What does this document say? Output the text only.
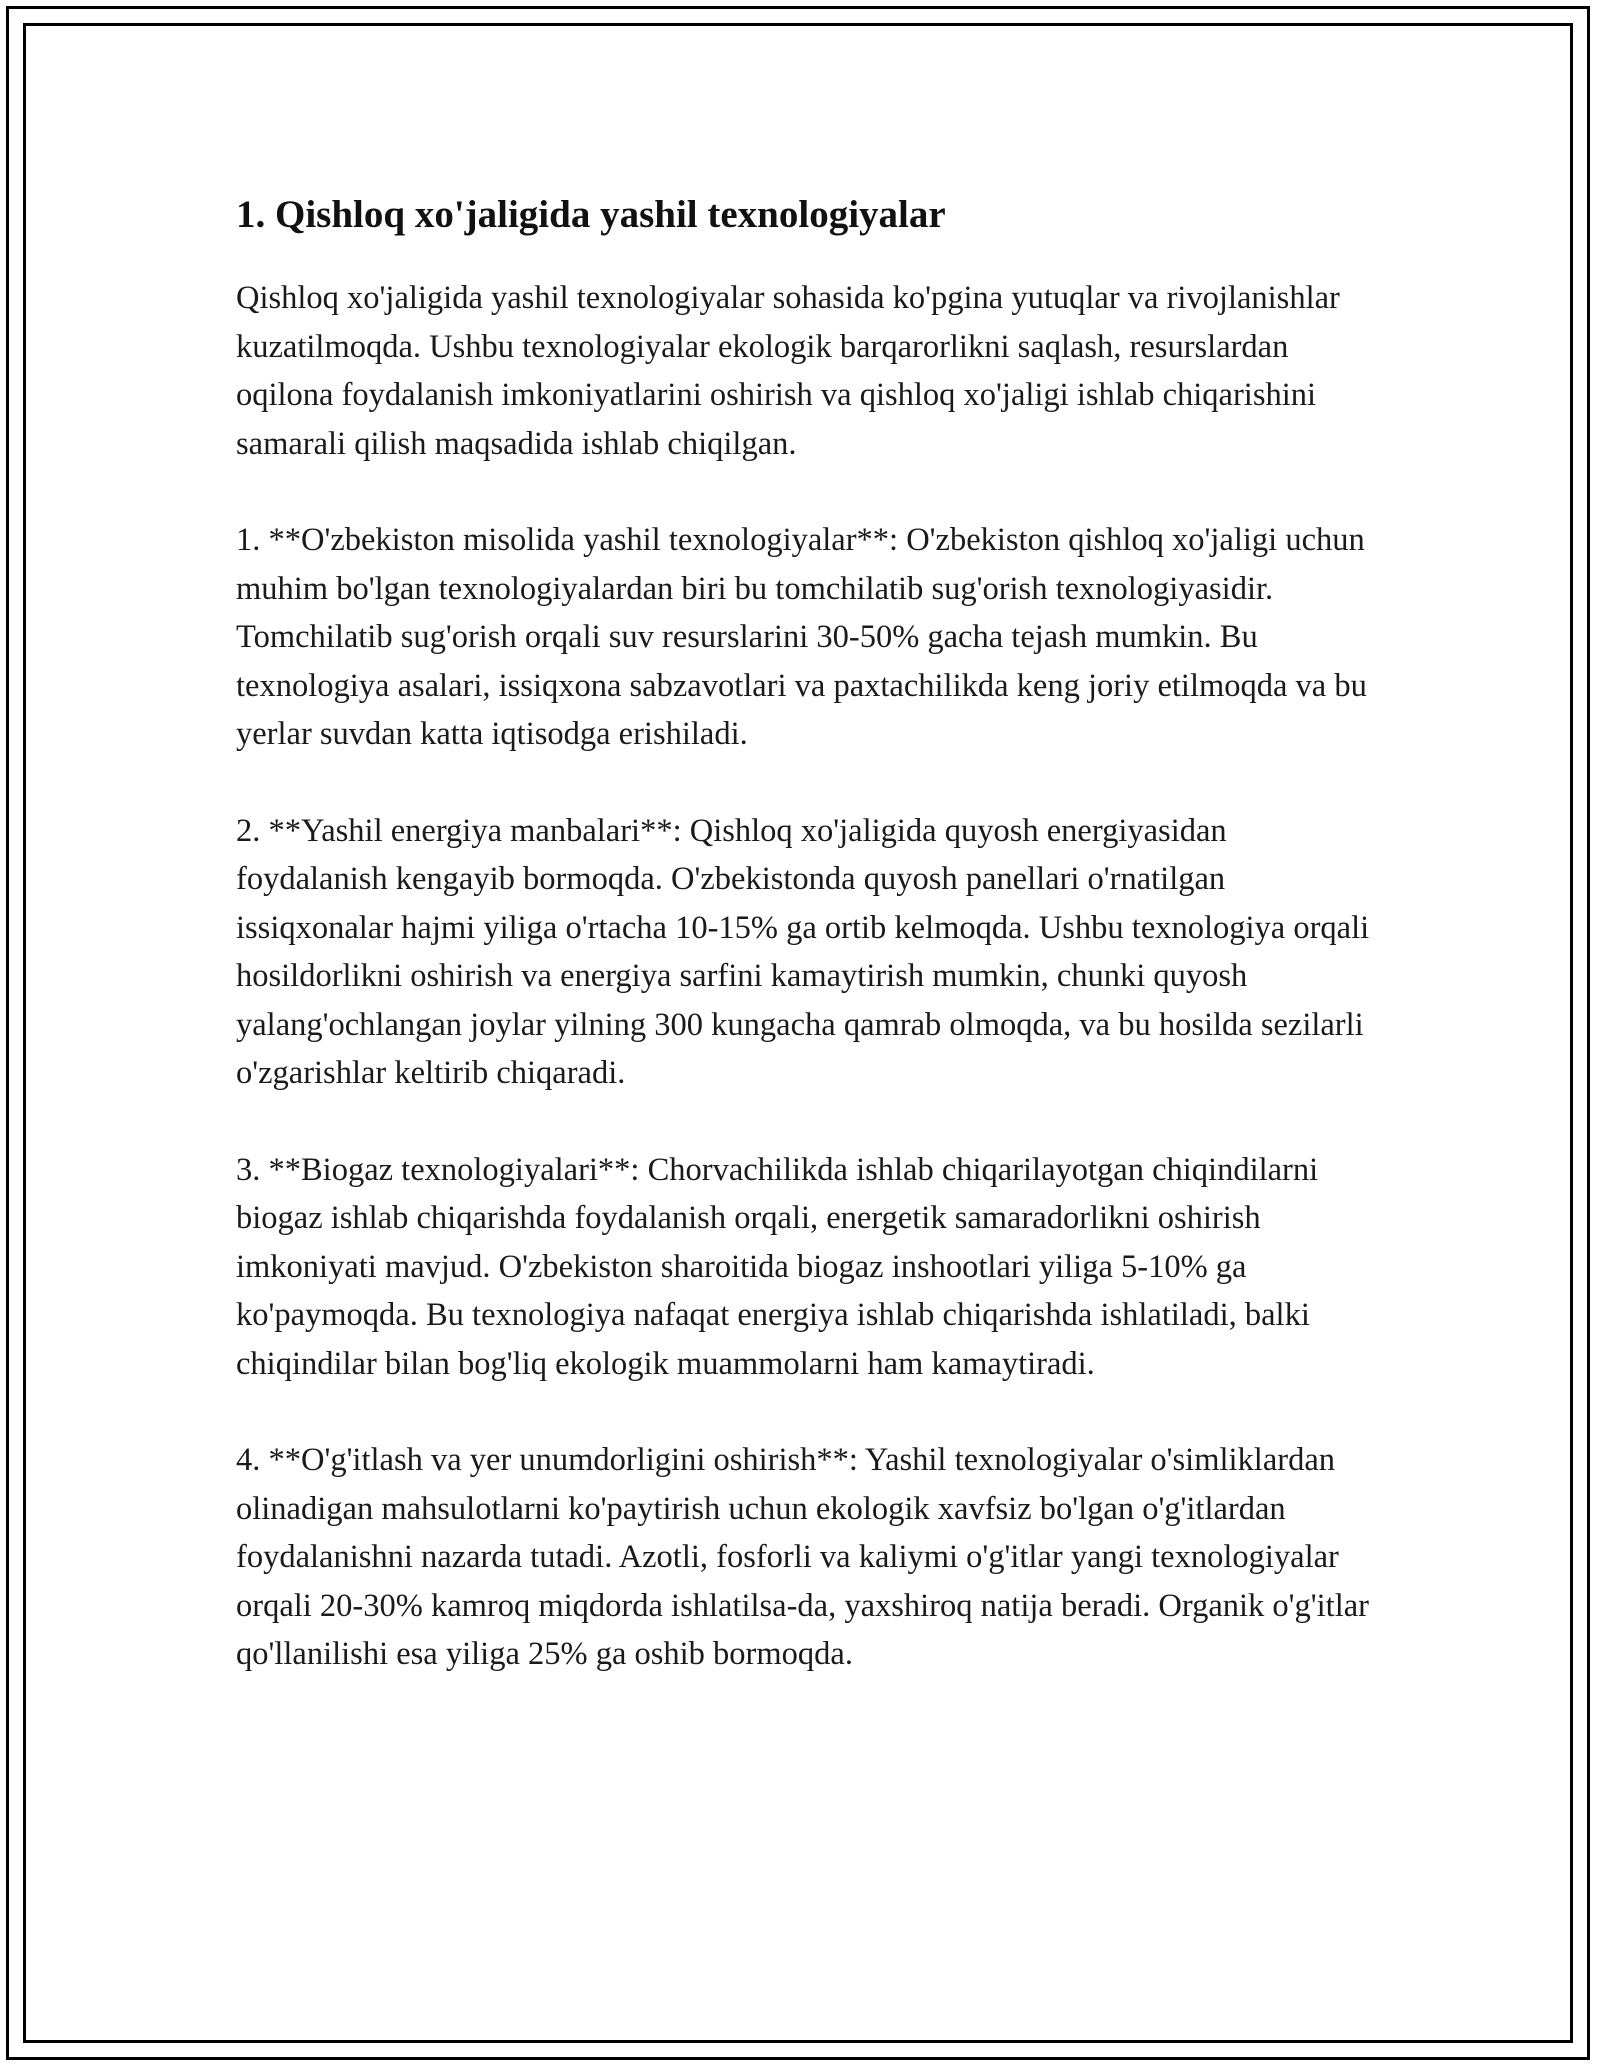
1. Qishloq xo'jaligida yashil texnologiyalar

Qishloq xo'jaligida yashil texnologiyalar sohasida ko'pgina yutuqlar va rivojlanishlar kuzatilmoqda. Ushbu texnologiyalar ekologik barqarorlikni saqlash, resurslardan oqilona foydalanish imkoniyatlarini oshirish va qishloq xo'jaligi ishlab chiqarishini samarali qilish maqsadida ishlab chiqilgan.

1. **O'zbekiston misolida yashil texnologiyalar**: O'zbekiston qishloq xo'jaligi uchun muhim bo'lgan texnologiyalardan biri bu tomchilatib sug'orish texnologiyasidir. Tomchilatib sug'orish orqali suv resurslarini 30-50% gacha tejash mumkin. Bu texnologiya asalari, issiqxona sabzavotlari va paxtachilikda keng joriy etilmoqda va bu yerlar suvdan katta iqtisodga erishiladi.

2. **Yashil energiya manbalari**: Qishloq xo'jaligida quyosh energiyasidan foydalanish kengayib bormoqda. O'zbekistonda quyosh panellari o'rnatilgan issiqxonalar hajmi yiliga o'rtacha 10-15% ga ortib kelmoqda. Ushbu texnologiya orqali hosildorlikni oshirish va energiya sarfini kamaytirish mumkin, chunki quyosh yalang'ochlangan joylar yilning 300 kungacha qamrab olmoqda, va bu hosilda sezilarli o'zgarishlar keltirib chiqaradi.

3. **Biogaz texnologiyalari**: Chorvachilikda ishlab chiqarilayotgan chiqindilarni biogaz ishlab chiqarishda foydalanish orqali, energetik samaradorlikni oshirish imkoniyati mavjud. O'zbekiston sharoitida biogaz inshootlari yiliga 5-10% ga ko'paymoqda. Bu texnologiya nafaqat energiya ishlab chiqarishda ishlatiladi, balki chiqindilar bilan bog'liq ekologik muammolarni ham kamaytiradi.

4. **O'g'itlash va yer unumdorligini oshirish**: Yashil texnologiyalar o'simliklardan olinadigan mahsulotlarni ko'paytirish uchun ekologik xavfsiz bo'lgan o'g'itlardan foydalanishni nazarda tutadi. Azotli, fosforli va kaliymi o'g'itlar yangi texnologiyalar orqali 20-30% kamroq miqdorda ishlatilsa-da, yaxshiroq natija beradi. Organik o'g'itlar qo'llanilishi esa yiliga 25% ga oshib bormoqda.
